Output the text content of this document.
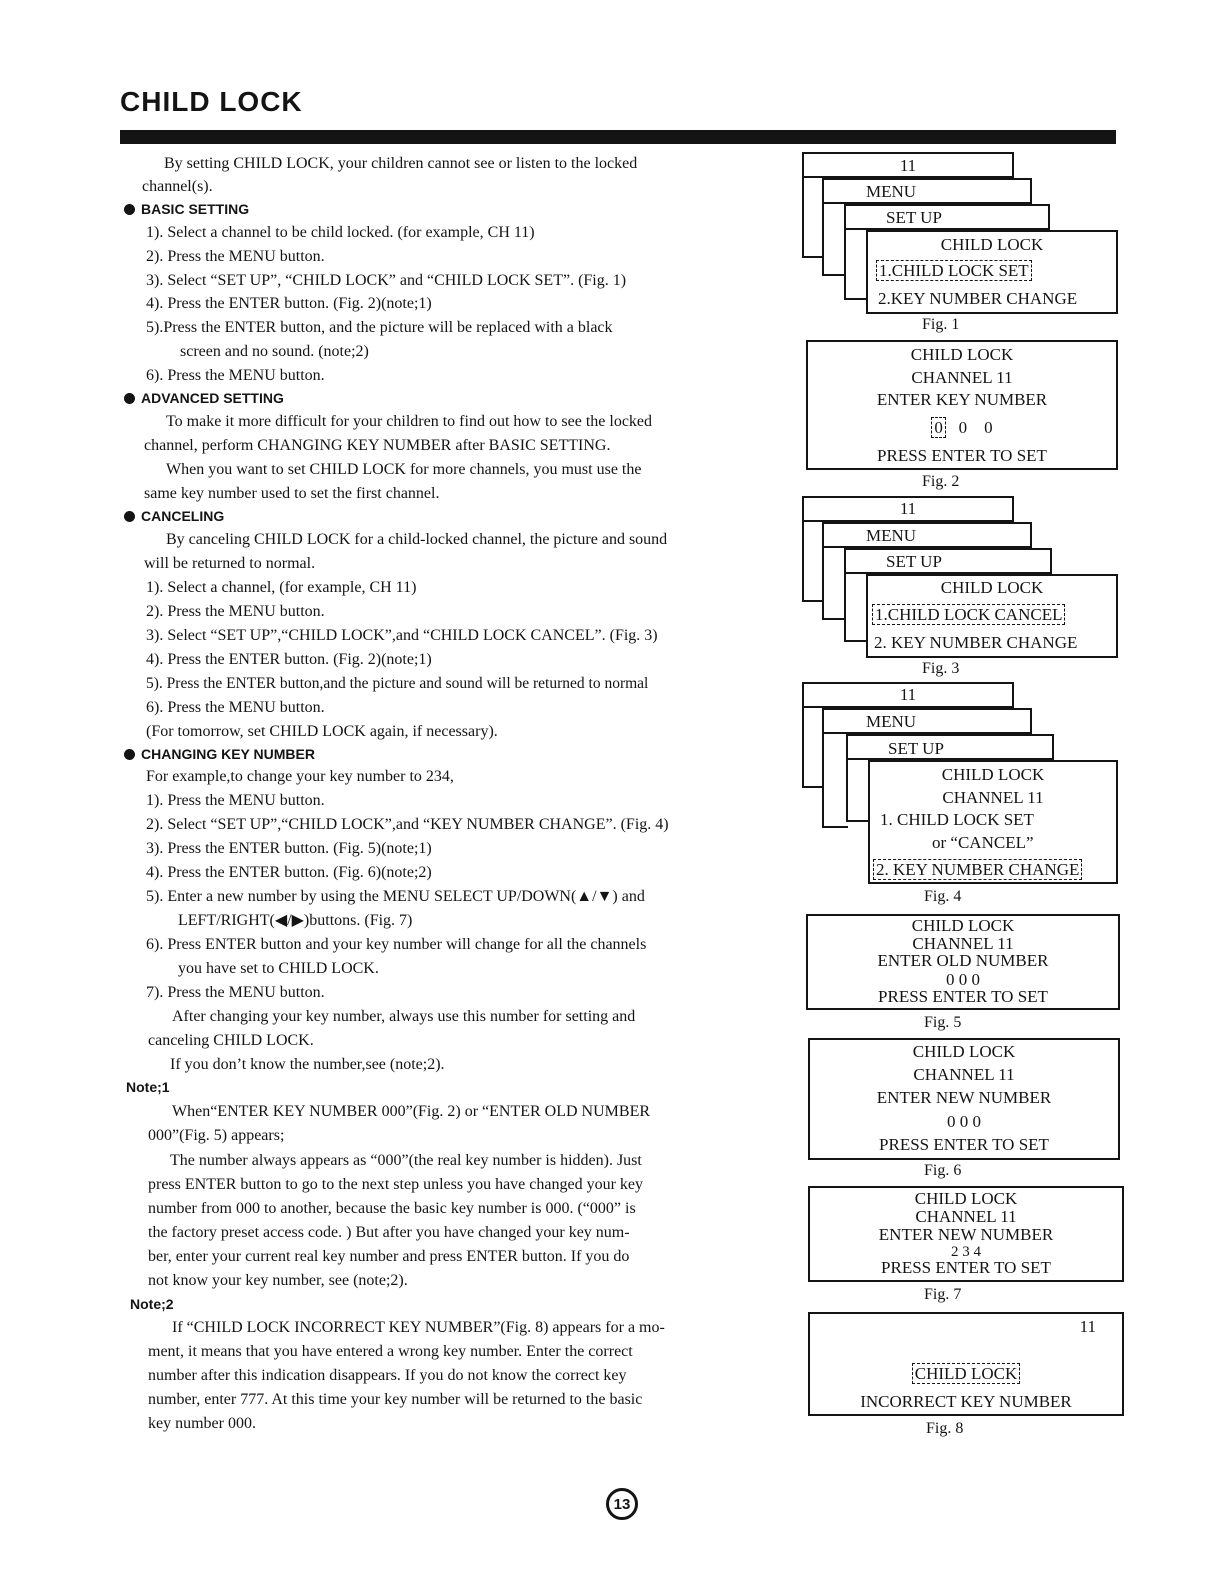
CHILD LOCK
By setting CHILD LOCK, your children cannot see or listen to the locked
channel(s).
BASIC SETTING
1). Select a channel to be child locked. (for example, CH 11)
2). Press the MENU button.
3). Select “SET UP”, “CHILD LOCK” and “CHILD LOCK SET”. (Fig. 1)
4). Press the ENTER button. (Fig. 2)(note;1)
5).Press the ENTER button, and the picture will be replaced with a black
screen and no sound. (note;2)
6). Press the MENU button.
ADVANCED SETTING
To make it more difficult for your children to find out how to see the locked
channel, perform CHANGING KEY NUMBER after BASIC SETTING.
When you want to set CHILD LOCK for more channels, you must use the
same key number used to set the first channel.
CANCELING
By canceling CHILD LOCK for a child-locked channel, the picture and sound
will be returned to normal.
1). Select a channel, (for example, CH 11)
2). Press the MENU button.
3). Select “SET UP”,“CHILD LOCK”,and “CHILD LOCK CANCEL”. (Fig. 3)
4). Press the ENTER button. (Fig. 2)(note;1)
5). Press the ENTER button,and the picture and sound will be returned to normal
6). Press the MENU button.
(For tomorrow, set CHILD LOCK again, if necessary).
CHANGING KEY NUMBER
For example,to change your key number to 234,
1). Press the MENU button.
2). Select “SET UP”,“CHILD LOCK”,and “KEY NUMBER CHANGE”. (Fig. 4)
3). Press the ENTER button. (Fig. 5)(note;1)
4). Press the ENTER button. (Fig. 6)(note;2)
5). Enter a new number by using the MENU SELECT UP/DOWN(▲/▼) and
LEFT/RIGHT(◀/▶)buttons. (Fig. 7)
6). Press ENTER button and your key number will change for all the channels
you have set to CHILD LOCK.
7). Press the MENU button.
After changing your key number, always use this number for setting and
canceling CHILD LOCK.
If you don’t know the number,see (note;2).
Note;1
When“ENTER KEY NUMBER 000”(Fig. 2) or “ENTER OLD NUMBER
000”(Fig. 5) appears;
The number always appears as “000”(the real key number is hidden). Just
press ENTER button to go to the next step unless you have changed your key
number from 000 to another, because the basic key number is 000. (“000” is
the factory preset access code. ) But after you have changed your key num-
ber, enter your current real key number and press ENTER button. If you do
not know your key number, see (note;2).
Note;2
If “CHILD LOCK INCORRECT KEY NUMBER”(Fig. 8) appears for a mo-
ment, it means that you have entered a wrong key number. Enter the correct
number after this indication disappears. If you do not know the correct key
number, enter 777. At this time your key number will be returned to the basic
key number 000.
11
MENU
SET UP
CHILD LOCK
1.CHILD LOCK SET
2.KEY NUMBER CHANGE
Fig. 1
CHILD LOCK
CHANNEL 11
ENTER KEY NUMBER
0 0 0
PRESS ENTER TO SET
Fig. 2
11
MENU
SET UP
CHILD LOCK
1.CHILD LOCK CANCEL
2. KEY NUMBER CHANGE
Fig. 3
11
MENU
SET UP
CHILD LOCK
CHANNEL 11
1. CHILD LOCK SET
or “CANCEL”
2. KEY NUMBER CHANGE
Fig. 4
CHILD LOCK
CHANNEL 11
ENTER OLD NUMBER
0 0 0
PRESS ENTER TO SET
Fig. 5
CHILD LOCK
CHANNEL 11
ENTER NEW NUMBER
0 0 0
PRESS ENTER TO SET
Fig. 6
CHILD LOCK
CHANNEL 11
ENTER NEW NUMBER
2 3 4
PRESS ENTER TO SET
Fig. 7
11
CHILD LOCK
INCORRECT KEY NUMBER
Fig. 8
13
